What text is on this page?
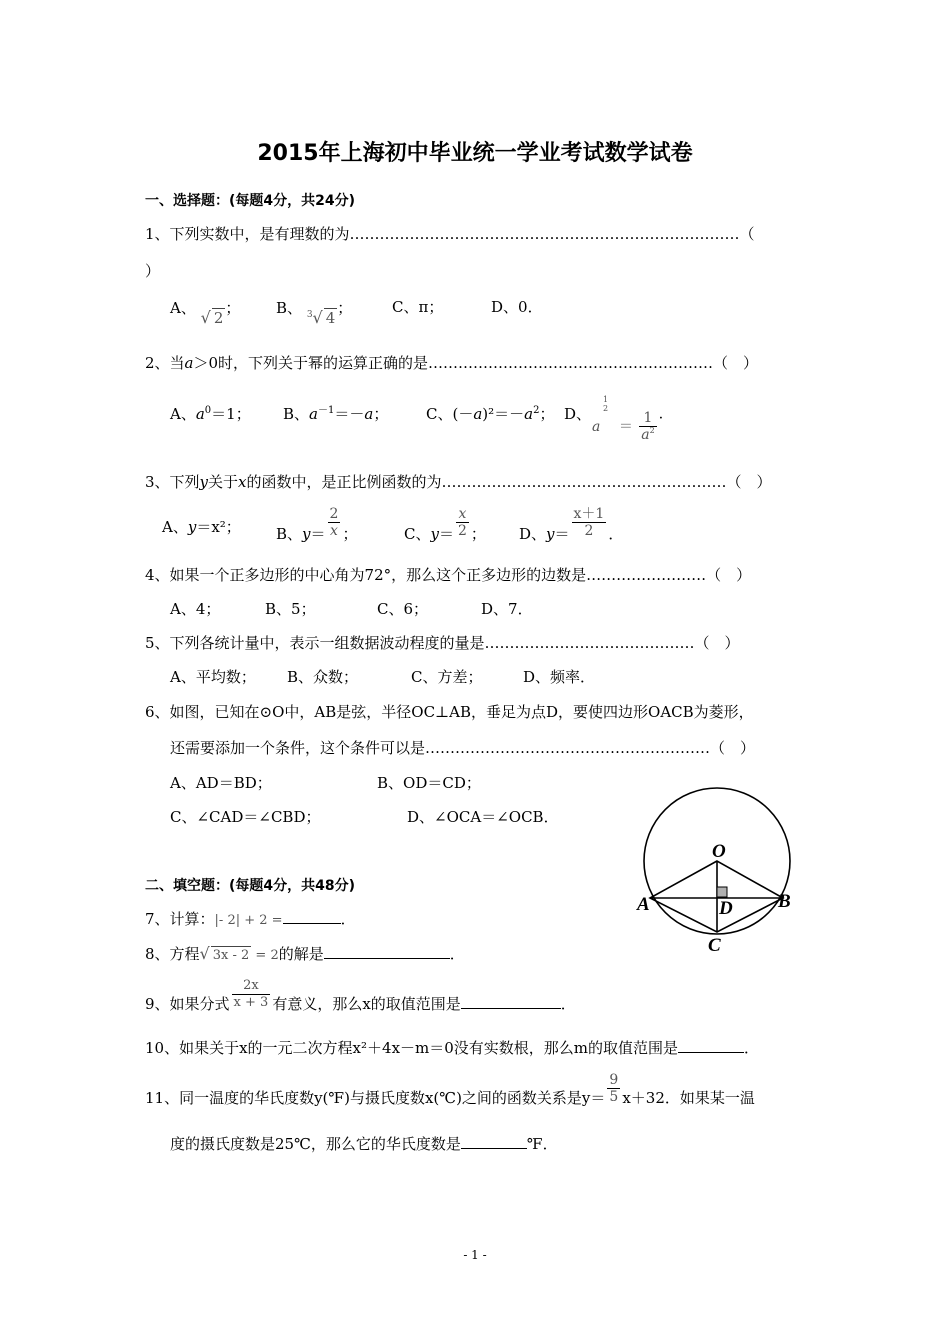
2015年上海初中毕业统一学业考试数学试卷
一、选择题：(每题4分，共24分)
1、下列实数中，是有理数的为……………………………………………………………………（
）
A、 √ 2； B、 $^3$√ 4；	C、π；	D、0．
2、当a＞0时，下列关于幂的运算正确的是…………………………………………………（　）
A、$a^0=1$； B、$a^{-1}=-a$；	C、$(-a)^2=-a^2$； D、
a
1
2
＝ $\frac{1}{a^2}$ ．
3、下列y关于x的函数中，是正比例函数的为…………………………………………………（　）
A、y＝x²； B、$y= \frac{2}{x}$ ；	C、$y= \frac{x}{2}$ ； D、$y= \frac{x+1}{2}$ ．
4、如果一个正多边形的中心角为72°，那么这个正多边形的边数是……………………（　）
A、4；	B、5；	C、6；	D、7．
5、下列各统计量中，表示一组数据波动程度的量是……………………………………（　）
A、平均数； B、众数；	C、方差；	D、频率．
6、如图，已知在⊙O中，AB是弦，半径OC⊥AB，垂足为点D，要使四边形OACB为菱形，
还需要添加一个条件，这个条件可以是…………………………………………………（　）
A、AD＝BD；	B、OD＝CD；
C、∠CAD＝∠CBD；	D、∠OCA＝∠OCB．
O
A	B
C
D
二、填空题：(每题4分，共48分)
7、计算：|- 2| + 2 =	．
8、方程√ 3x - 2 = 2的解是	．
9、如果分式 $\frac{2x}{x + 3}$ 有意义，那么x的取值范围是	．
10、如果关于x的一元二次方程x²＋4x－m＝0没有实数根，那么m的取值范围是	．
11、同一温度的华氏度数y(℉)与摄氏度数x(℃)之间的函数关系是$y= \frac{9}{5} x+32$．如果某一温
度的摄氏度数是25℃，那么它的华氏度数是	℉．
- 1 -
